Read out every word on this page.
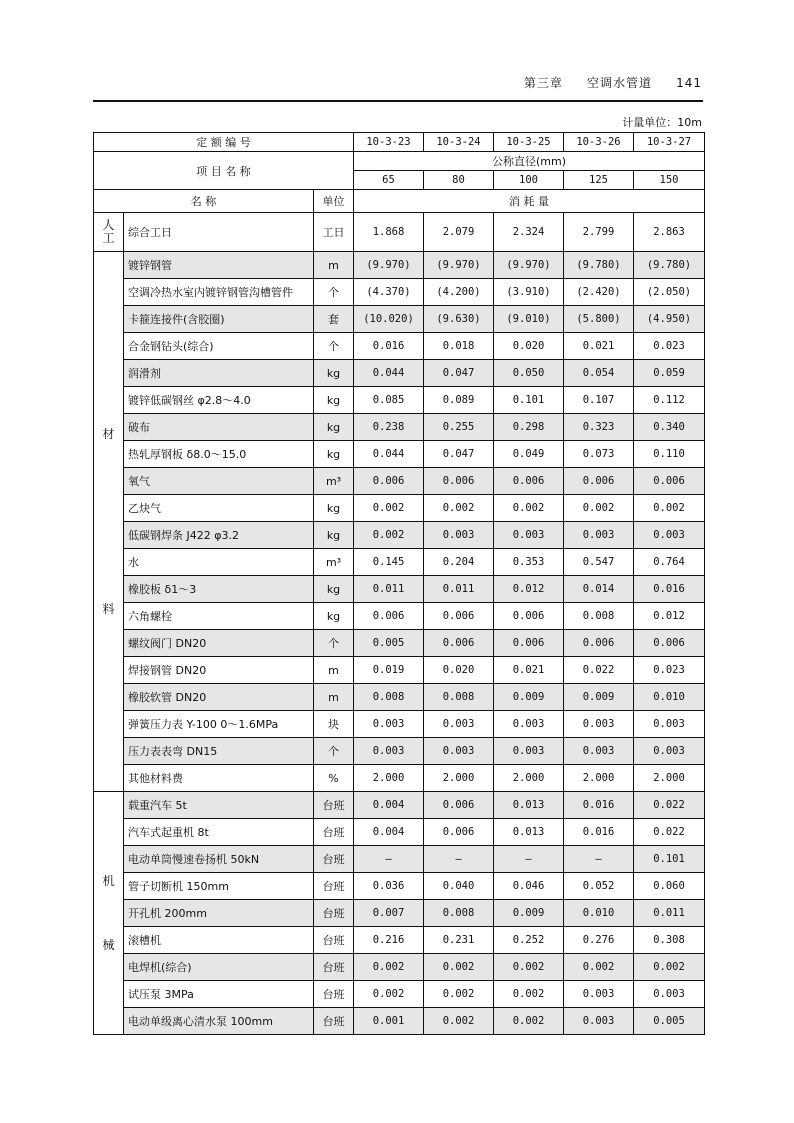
第三章 空调水管道 141
计量单位：10m
定 额 编 号			10-3-23	10-3-24	10-3-25	10-3-26	10-3-27
项 目 名 称			公称直径(mm)				
			65	80	100	125	150
名 称		单位	消 耗 量				
人工	综合工日	工日	1.868	2.079	2.324	2.799	2.863

材
料	镀锌钢管	m	(9.970)	(9.970)	(9.970)	(9.780)	(9.780)
	空调冷热水室内镀锌钢管沟槽管件	个	(4.370)	(4.200)	(3.910)	(2.420)	(2.050)
	卡箍连接件(含胶圈)	套	(10.020)	(9.630)	(9.010)	(5.800)	(4.950)
	合金钢钻头(综合)	个	0.016	0.018	0.020	0.021	0.023
	润滑剂	kg	0.044	0.047	0.050	0.054	0.059
	镀锌低碳钢丝 φ2.8～4.0	kg	0.085	0.089	0.101	0.107	0.112
	破布	kg	0.238	0.255	0.298	0.323	0.340
	热轧厚钢板 δ8.0～15.0	kg	0.044	0.047	0.049	0.073	0.110
	氧气	m³	0.006	0.006	0.006	0.006	0.006
	乙炔气	kg	0.002	0.002	0.002	0.002	0.002
	低碳钢焊条 J422 φ3.2	kg	0.002	0.003	0.003	0.003	0.003
	水	m³	0.145	0.204	0.353	0.547	0.764
	橡胶板 δ1～3	kg	0.011	0.011	0.012	0.014	0.016
	六角螺栓	kg	0.006	0.006	0.006	0.008	0.012
	螺纹阀门 DN20	个	0.005	0.006	0.006	0.006	0.006
	焊接钢管 DN20	m	0.019	0.020	0.021	0.022	0.023
	橡胶软管 DN20	m	0.008	0.008	0.009	0.009	0.010
	弹簧压力表 Y-100 0～1.6MPa	块	0.003	0.003	0.003	0.003	0.003
	压力表表弯 DN15	个	0.003	0.003	0.003	0.003	0.003
	其他材料费	%	2.000	2.000	2.000	2.000	2.000

机
械	载重汽车 5t	台班	0.004	0.006	0.013	0.016	0.022
	汽车式起重机 8t	台班	0.004	0.006	0.013	0.016	0.022
	电动单筒慢速卷扬机 50kN	台班	—	—	—	—	0.101
	管子切断机 150mm	台班	0.036	0.040	0.046	0.052	0.060
	开孔机 200mm	台班	0.007	0.008	0.009	0.010	0.011
	滚槽机	台班	0.216	0.231	0.252	0.276	0.308
	电焊机(综合)	台班	0.002	0.002	0.002	0.002	0.002
	试压泵 3MPa	台班	0.002	0.002	0.002	0.003	0.003
	电动单级离心清水泵 100mm	台班	0.001	0.002	0.002	0.003	0.005
